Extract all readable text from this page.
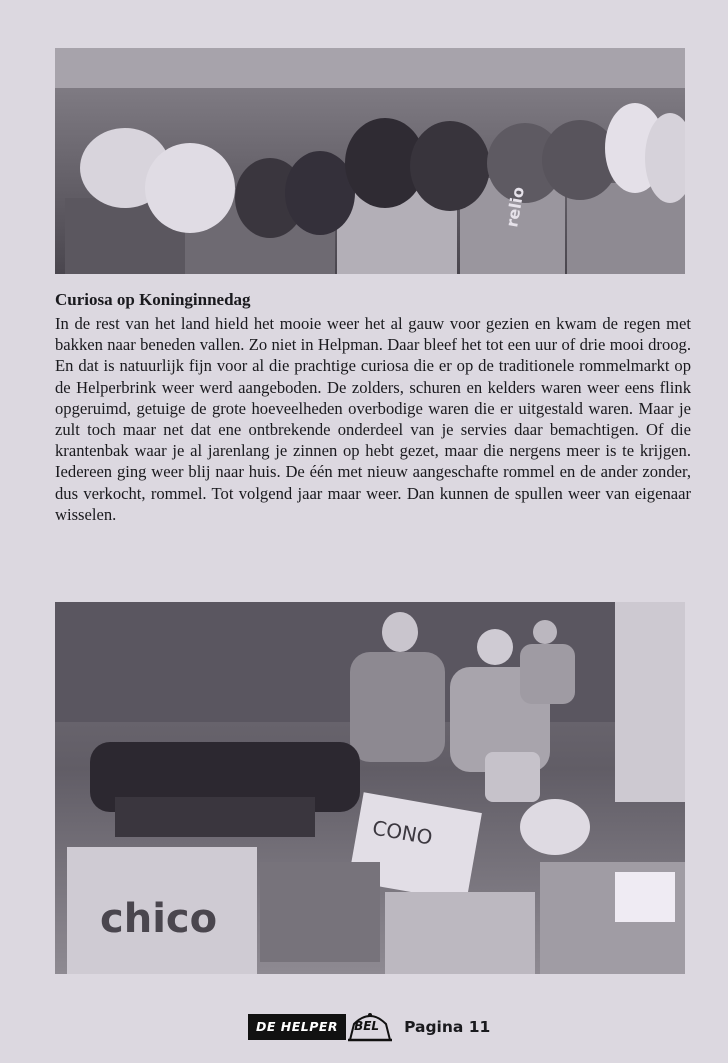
relio
Curiosa op Koninginnedag

In de rest van het land hield het mooie weer het al gauw voor gezien en kwam de regen met bakken naar beneden vallen. Zo niet in Helpman. Daar bleef het tot een uur of drie mooi droog. En dat is natuurlijk fijn voor al die prachtige curiosa die er op de traditionele rommelmarkt op de Helperbrink weer werd aangeboden. De zolders, schuren en kelders waren weer eens flink opgeruimd, getuige de grote hoeveelheden overbodige waren die er uitgestald waren. Maar je zult toch maar net dat ene ontbrekende onderdeel van je servies daar bemachtigen. Of die krantenbak waar je al jarenlang je zinnen op hebt gezet, maar die nergens meer is te krijgen. Iedereen ging weer blij naar huis. De één met nieuw aangeschafte rommel en de ander zonder, dus verkocht, rommel. Tot volgend jaar maar weer. Dan kunnen de spullen weer van eigenaar wisselen.

chico
CONO
DE HELPER	BEL Pagina 11
